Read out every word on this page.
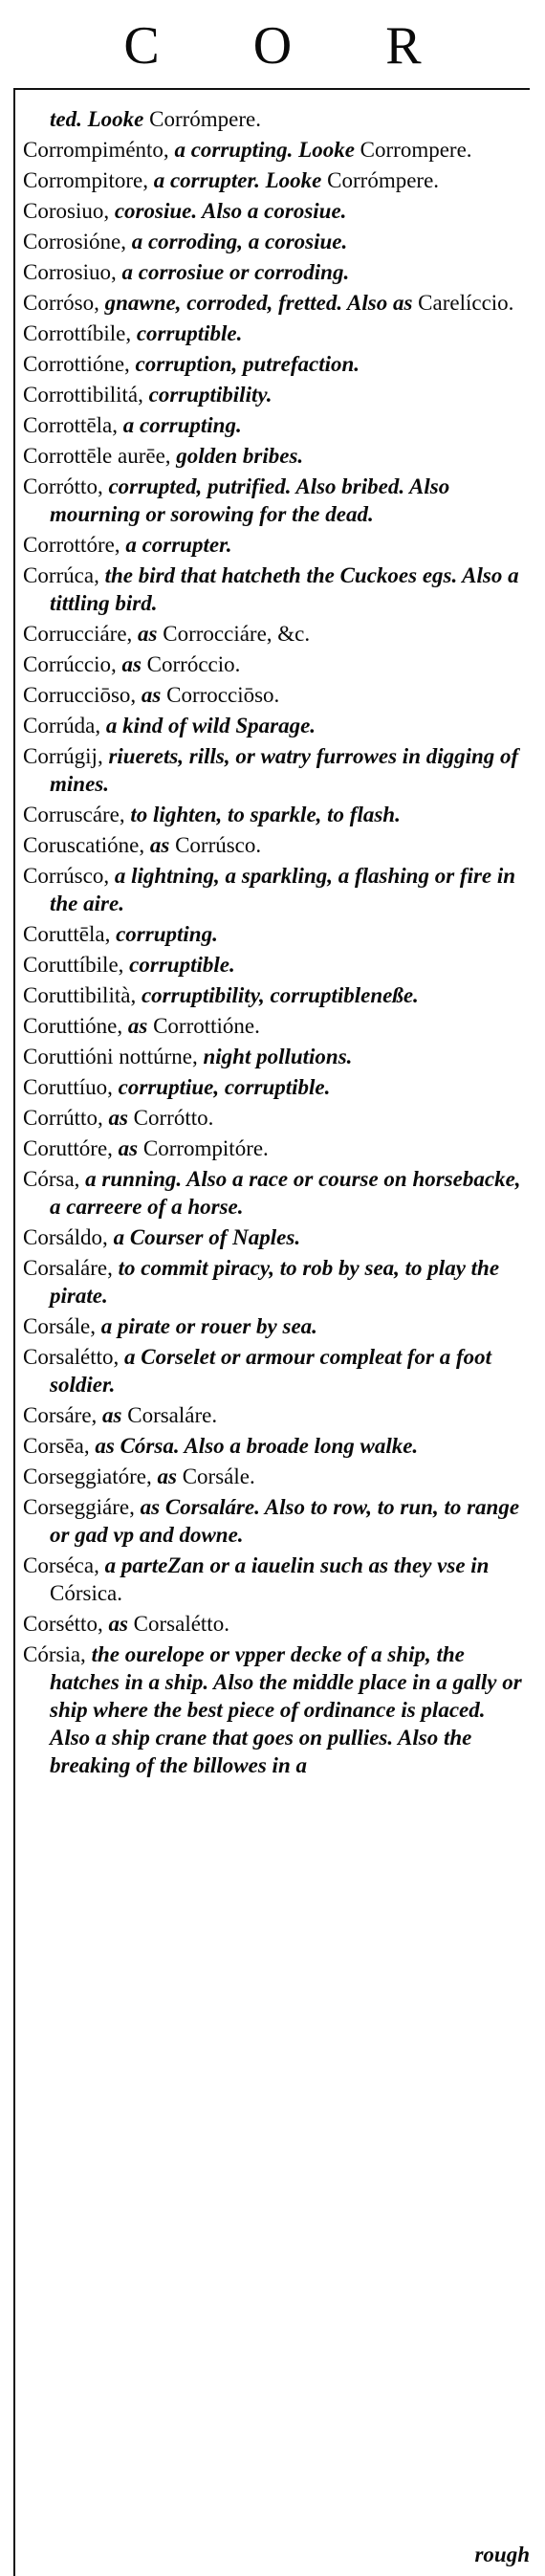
C O R
ted. Looke Corrómpere.
Corrompiménto, a corrupting. Looke Corrompere.
Corrompitore, a corrupter. Looke Corrómpere.
Corosiuo, corosiue. Also a corosiue.
Corrosióne, a corroding, a corosiue.
Corrosiuo, a corrosiue or corroding.
Corróso, gnawne, corroded, fretted. Also as Carelíccio.
Corrottíbile, corruptible.
Corrottióne, corruption, putrefaction.
Corrottibilitá, corruptibility.
Corrottēla, a corrupting.
Corrottēle aurēe, golden bribes.
Corrótto, corrupted, putrified. Also bribed. Also mourning or sorowing for the dead.
Corrottóre, a corrupter.
Corrúca, the bird that hatcheth the Cuckoes egs. Also a tittling bird.
Corrucciáre, as Corrocciáre, &c.
Corrúccio, as Corróccio.
Corrucciōso, as Corrocciōso.
Corrúda, a kind of wild Sparage.
Corrúgij, riuerets, rills, or watry furrowes in digging of mines.
Corruscáre, to lighten, to sparkle, to flash.
Coruscatióne, as Corrúsco.
Corrúsco, a lightning, a sparkling, a flashing or fire in the aire.
Coruttēla, corrupting.
Coruttíbile, corruptible.
Coruttibilità, corruptibility, corruptibleneße.
Coruttióne, as Corrottióne.
Coruttióni nottúrne, night pollutions.
Coruttíuo, corruptiue, corruptible.
Corrútto, as Corrótto.
Coruttóre, as Corrompitóre.
Córsa, a running. Also a race or course on horsebacke, a carreere of a horse.
Corsáldo, a Courser of Naples.
Corsaláre, to commit piracy, to rob by sea, to play the pirate.
Corsále, a pirate or rouer by sea.
Corsalétto, a Corselet or armour compleat for a foot soldier.
Corsáre, as Corsaláre.
Corsēa, as Córsa. Also a broade long walke.
Corseggiatóre, as Corsále.
Corseggiáre, as Corsaláre. Also to row, to run, to range or gad vp and downe.
Corséca, a parteZan or a iauelin such as they vse in Córsica.
Corsétto, as Corsalétto.
Córsia, the ourelope or vpper decke of a ship, the hatches in a ship. Also the middle place in a gally or ship where the best piece of ordinance is placed. Also a ship crane that goes on pullies. Also the breaking of the billowes in a
rough
